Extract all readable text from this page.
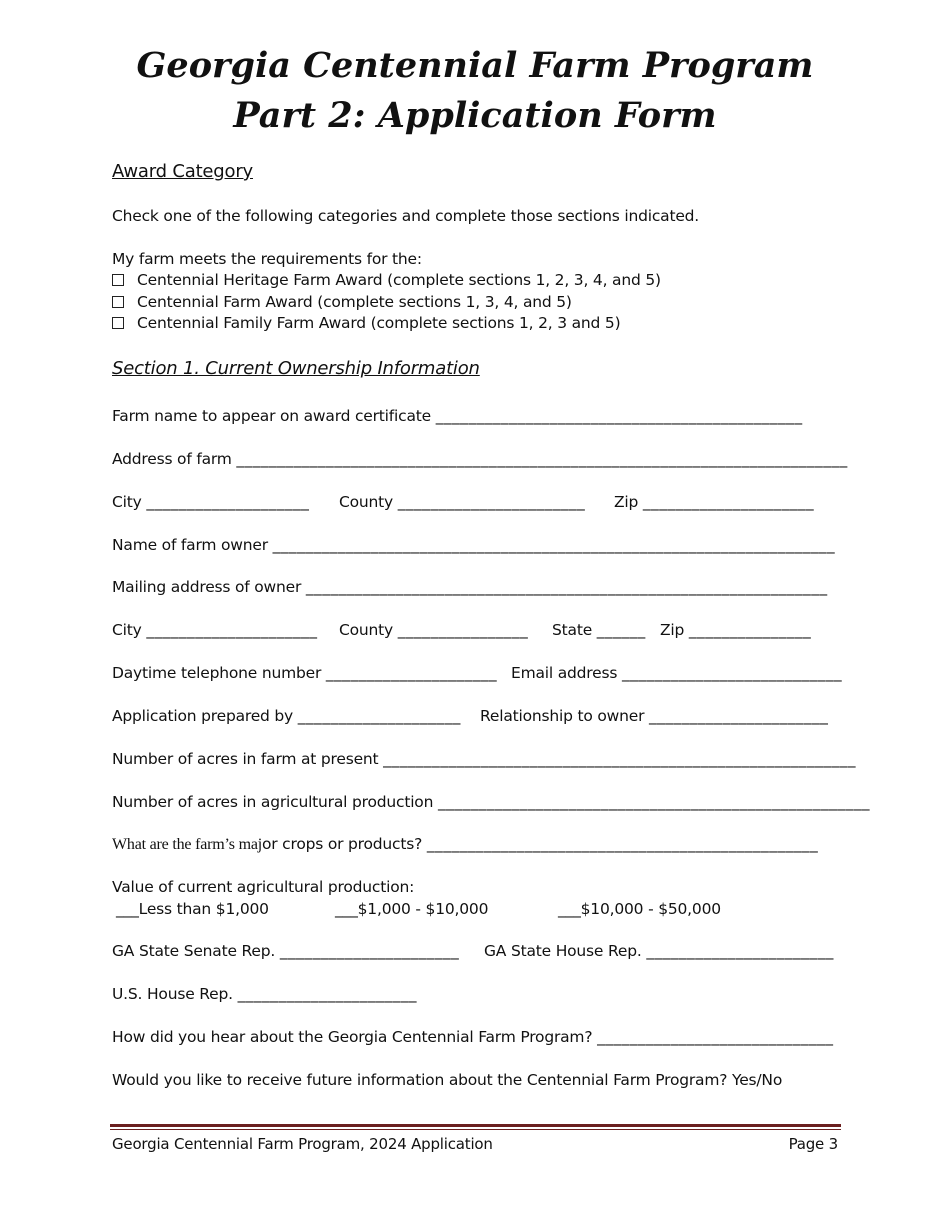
Georgia Centennial Farm Program
Part 2: Application Form
Award Category
Check one of the following categories and complete those sections indicated.
My farm meets the requirements for the:
Centennial Heritage Farm Award (complete sections 1, 2, 3, 4, and 5)
Centennial Farm Award (complete sections 1, 3, 4, and 5)
Centennial Family Farm Award (complete sections 1, 2, 3 and 5)
Section 1. Current Ownership Information
Farm name to appear on award certificate _____________________________________________
Address of farm ___________________________________________________________________________
City ____________________ County _______________________ Zip _____________________
Name of farm owner _____________________________________________________________________
Mailing address of owner ________________________________________________________________
City _____________________ County ________________ State ______ Zip _______________
Daytime telephone number _____________________ Email address ___________________________
Application prepared by ____________________ Relationship to owner ______________________
Number of acres in farm at present __________________________________________________________
Number of acres in agricultural production _____________________________________________________
What are the farm’s major crops or products? ________________________________________________
Value of current agricultural production:
___Less than $1,000	___$1,000 - $10,000	___$10,000 - $50,000
GA State Senate Rep. ______________________ GA State House Rep. _______________________
U.S. House Rep. ______________________
How did you hear about the Georgia Centennial Farm Program? _____________________________
Would you like to receive future information about the Centennial Farm Program? Yes/No
Georgia Centennial Farm Program, 2024 Application	Page 3
